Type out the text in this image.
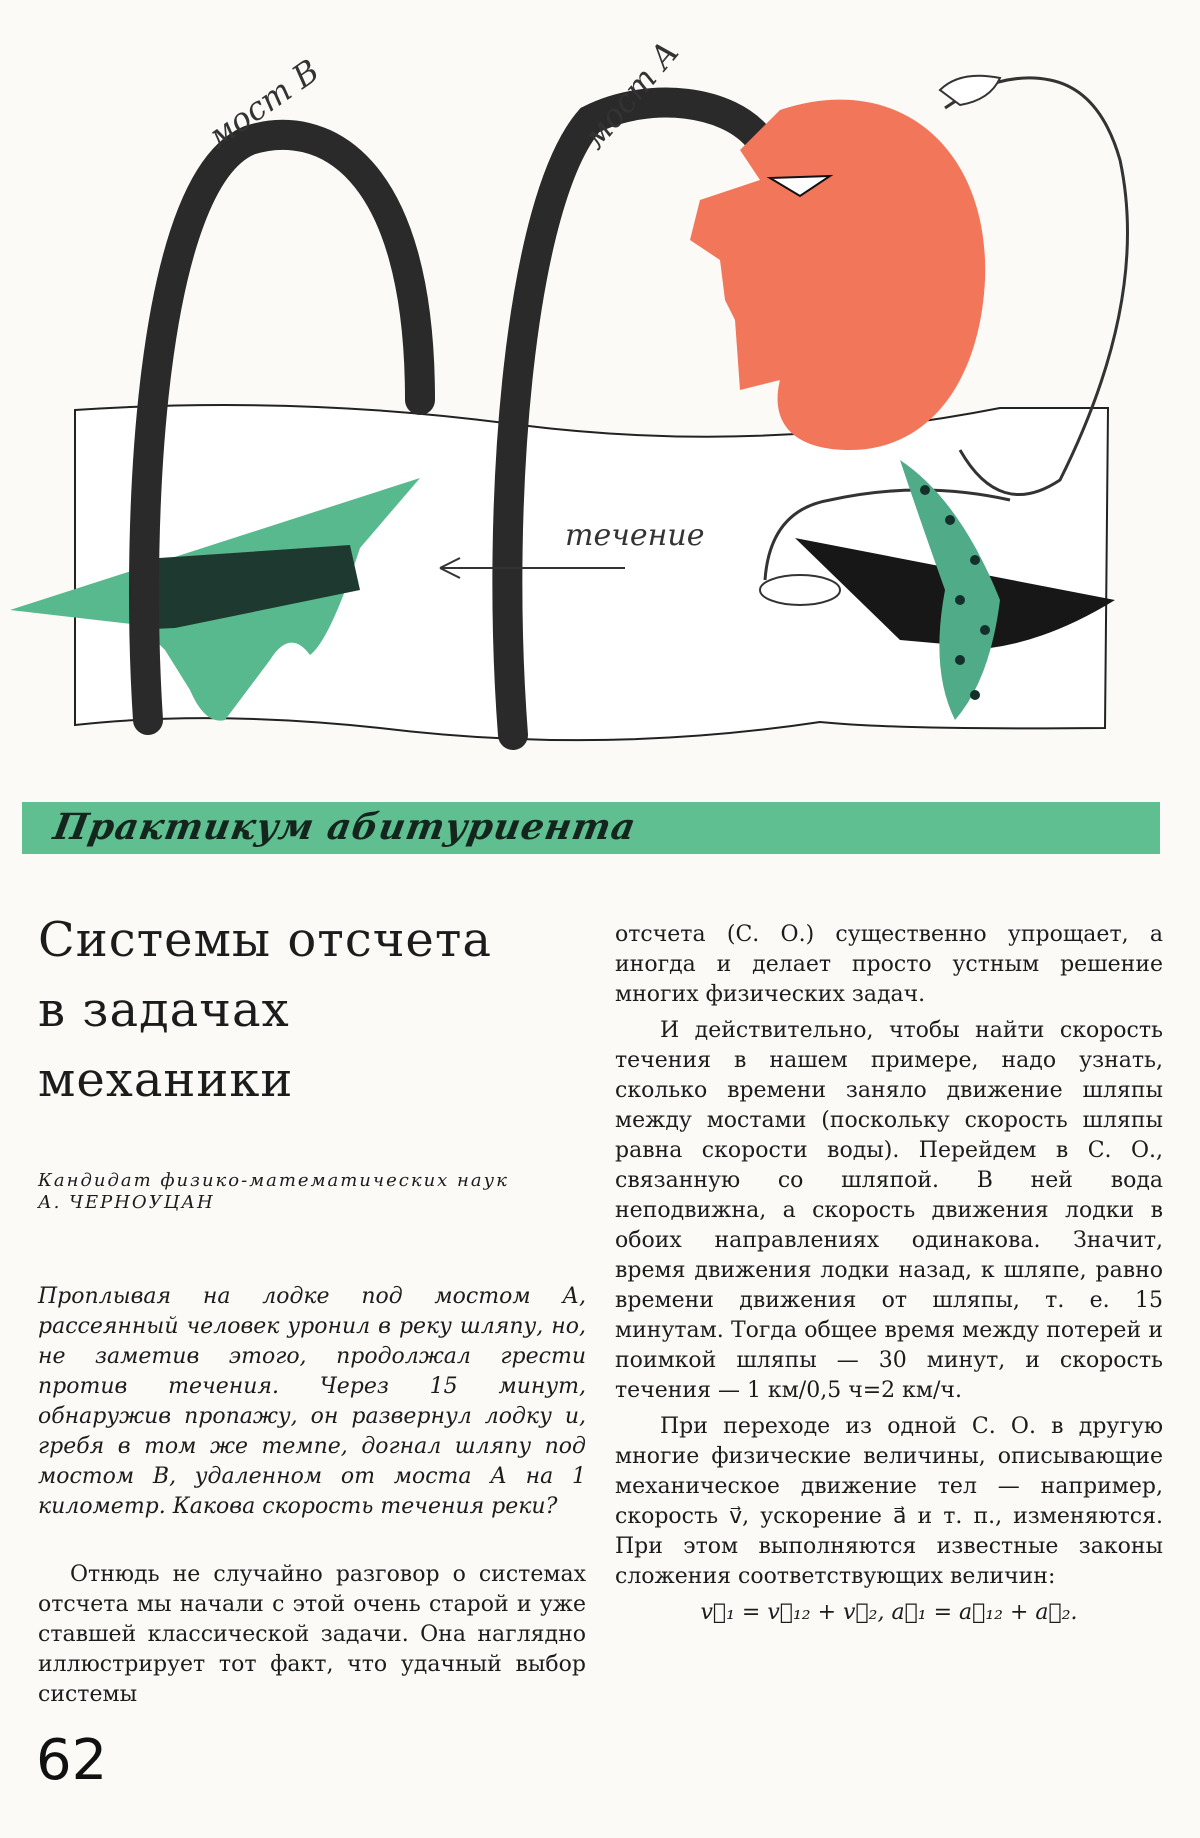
мост В	мост А
течение
Практикум абитуриента
Системы отсчета
в задачах
механики
Кандидат физико-математических наук
А. ЧЕРНОУЦАН

Проплывая на лодке под мостом А, рассеянный человек уронил в реку шляпу, но, не заметив этого, продолжал грести против течения. Через 15 минут, обнаружив пропажу, он развернул лодку и, гребя в том же темпе, догнал шляпу под мостом В, удаленном от моста А на 1 километр. Какова скорость течения реки?

Отнюдь не случайно разговор о системах отсчета мы начали с этой очень старой и уже ставшей классической задачи. Она наглядно иллюстрирует тот факт, что удачный выбор системы

отсчета (С. О.) существенно упрощает, а иногда и делает просто устным решение многих физических задач.

И действительно, чтобы найти скорость течения в нашем примере, надо узнать, сколько времени заняло движение шляпы между мостами (поскольку скорость шляпы равна скорости воды). Перейдем в С. О., связанную со шляпой. В ней вода неподвижна, а скорость движения лодки в обоих направлениях одинакова. Значит, время движения лодки назад, к шляпе, равно времени движения от шляпы, т. е. 15 минутам. Тогда общее время между потерей и поимкой шляпы — 30 минут, и скорость течения — 1 км/0,5 ч=2 км/ч.

При переходе из одной С. О. в другую многие физические величины, описывающие механическое движение тел — например, скорость v⃗, ускорение a⃗ и т. п., изменяются. При этом выполняются известные законы сложения соответствующих величин:

v⃗₁ = v⃗₁₂ + v⃗₂, a⃗₁ = a⃗₁₂ + a⃗₂.
62
